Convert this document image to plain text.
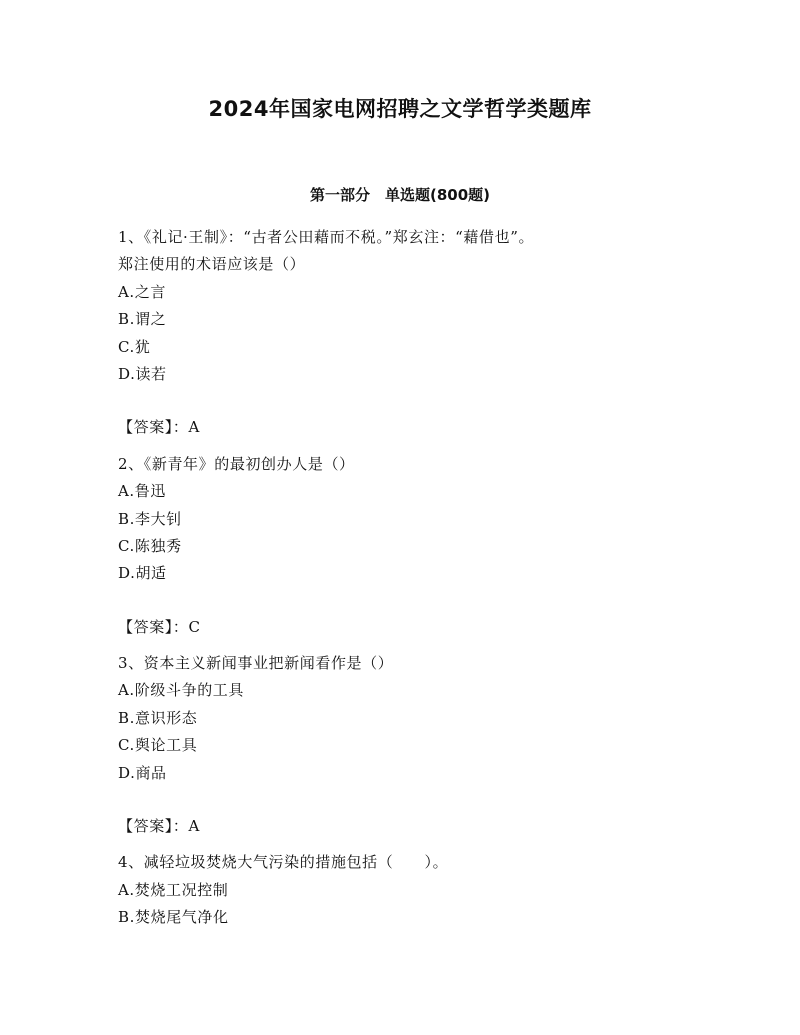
2024年国家电网招聘之文学哲学类题库
第一部分　单选题(800题)
1、《礼记·王制》：“古者公田藉而不税。”郑玄注：“藉借也”。
郑注使用的术语应该是（）
A.之言
B.谓之
C.犹
D.读若
【答案】：A
2、《新青年》的最初创办人是（）
A.鲁迅
B.李大钊
C.陈独秀
D.胡适
【答案】：C
3、资本主义新闻事业把新闻看作是（）
A.阶级斗争的工具
B.意识形态
C.舆论工具
D.商品
【答案】：A
4、减轻垃圾焚烧大气污染的措施包括（　　）。
A.焚烧工况控制
B.焚烧尾气净化
